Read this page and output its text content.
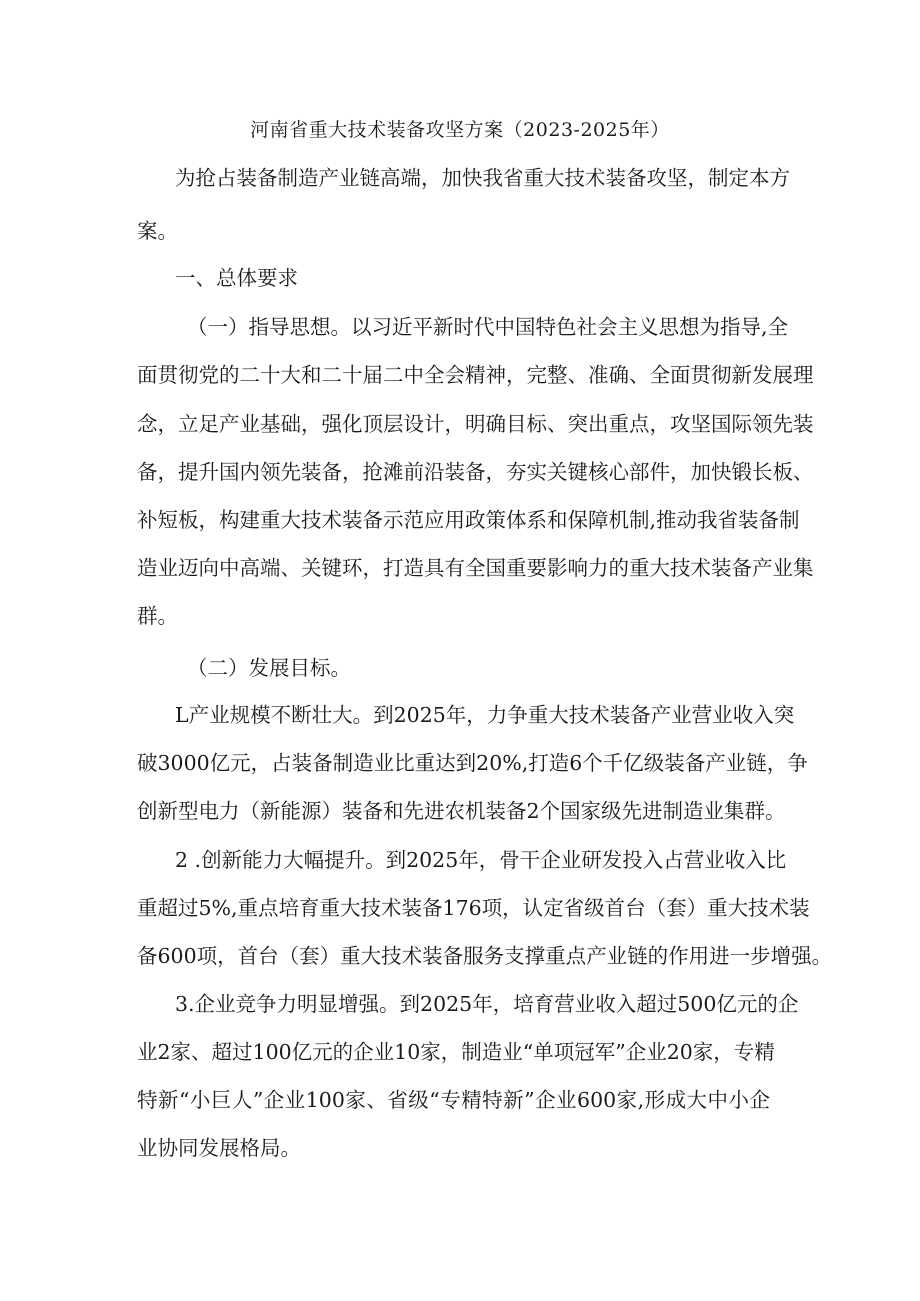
河南省重大技术装备攻坚方案（2023-2025年）
为抢占装备制造产业链高端，加快我省重大技术装备攻坚，制定本方
案。
一、总体要求
（一）指导思想。以习近平新时代中国特色社会主义思想为指导,全
面贯彻党的二十大和二十届二中全会精神，完整、准确、全面贯彻新发展理
念，立足产业基础，强化顶层设计，明确目标、突出重点，攻坚国际领先装
备，提升国内领先装备，抢滩前沿装备，夯实关键核心部件，加快锻长板、
补短板，构建重大技术装备示范应用政策体系和保障机制,推动我省装备制
造业迈向中高端、关键环，打造具有全国重要影响力的重大技术装备产业集
群。
（二）发展目标。
L产业规模不断壮大。到2025年，力争重大技术装备产业营业收入突
破3000亿元，占装备制造业比重达到20%,打造6个千亿级装备产业链，争
创新型电力（新能源）装备和先进农机装备2个国家级先进制造业集群。
2 .创新能力大幅提升。到2025年，骨干企业研发投入占营业收入比
重超过5%,重点培育重大技术装备176项，认定省级首台（套）重大技术装
备600项，首台（套）重大技术装备服务支撑重点产业链的作用进一步增强。
3.企业竞争力明显增强。到2025年，培育营业收入超过500亿元的企
业2家、超过100亿元的企业10家，制造业“单项冠军”企业20家，专精
特新“小巨人”企业100家、省级“专精特新”企业600家,形成大中小企
业协同发展格局。
